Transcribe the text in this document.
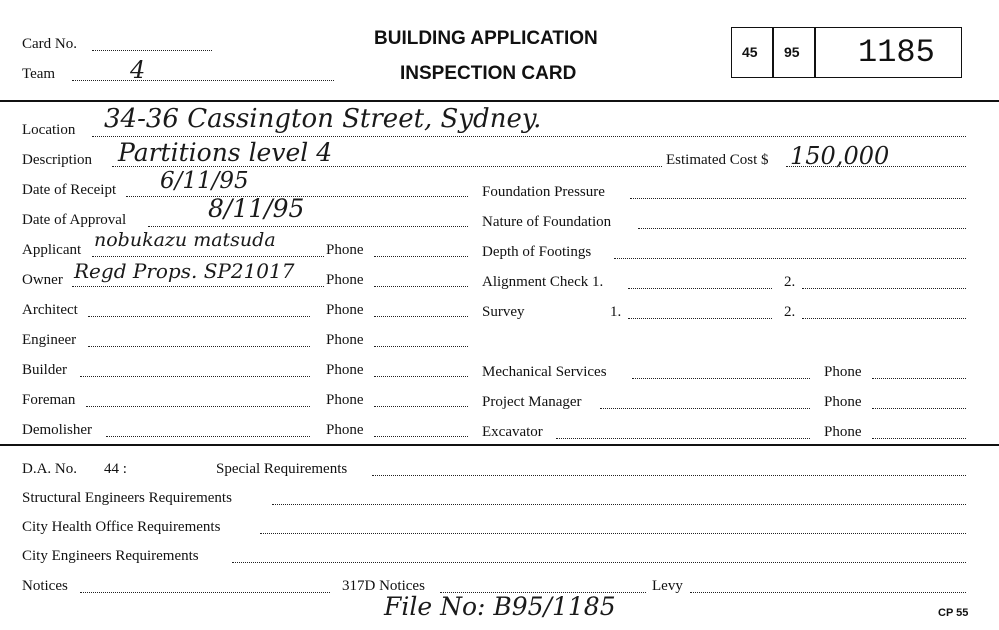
Card No.
Team	4
BUILDING APPLICATION
INSPECTION CARD
45 95 1185
Location 34-36 Cassington Street, Sydney.
Description Partitions level 4	Estimated Cost $ 150,000
Date of Receipt 6/11/95
Date of Approval	8/11/95
Applicant nobukazu matsuda	Phone
Owner Regd Props. SP21017 Phone
Architect	Phone
Engineer	Phone
Builder	Phone
Foreman	Phone
Demolisher	Phone
Foundation Pressure
Nature of Foundation
Depth of Footings
Alignment Check 1.	2.
Survey	1.	2.
Mechanical Services	Phone
Project Manager	Phone
Excavator	Phone
D.A. No. 44 :	Special Requirements
Structural Engineers Requirements
City Health Office Requirements
City Engineers Requirements
Notices	317D Notices	Levy
File No: B95/1185	CP 55
